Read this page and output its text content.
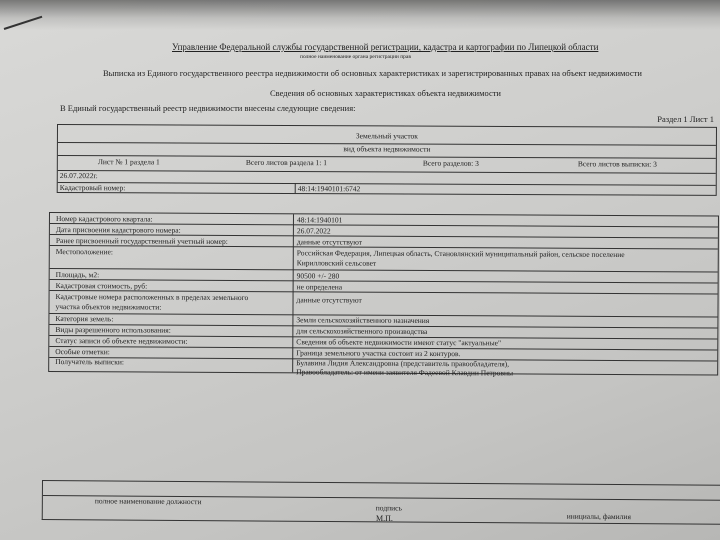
Управление Федеральной службы государственной регистрации, кадастра и картографии по Липецкой области
полное наименование органа регистрации прав
Выписка из Единого государственного реестра недвижимости об основных характеристиках и зарегистрированных правах на объект недвижимости
Сведения об основных характеристиках объекта недвижимости
В Единый государственный реестр недвижимости внесены следующие сведения:
Раздел 1 Лист 1
Земельный участок
вид объекта недвижимости
Лист № 1 раздела 1	Всего листов раздела 1: 1	Всего разделов: 3	Всего листов выписки: 3
26.07.2022г.
Кадастровый номер:	48:14:1940101:6742
Номер кадастрового квартала:	48:14:1940101
Дата присвоения кадастрового номера:	26.07.2022
Ранее присвоенный государственный учетный номер:	данные отсутствуют
Местоположение:	Российская Федерация, Липецкая область, Становлянский муниципальный район, сельское поселение
Кирилловский сельсовет
Площадь, м2:	90500 +/- 280
Кадастровая стоимость, руб:	не определена
Кадастровые номера расположенных в пределах земельного
участка объектов недвижимости:
данные отсутствуют
Категория земель:	Земли сельскохозяйственного назначения
Виды разрешенного использования:	для сельскохозяйственного производства
Статус записи об объекте недвижимости:	Сведения об объекте недвижимости имеют статус "актуальные"
Особые отметки:	Граница земельного участка состоит из 2 контуров.
Получатель выписки:	Булавина Лидия Александровна (представитель правообладателя),
Правообладатель: от имени заявителя Фадеевой Клавдии Петровны
полное наименование должности
подпись
инициалы, фамилия
М.П.
